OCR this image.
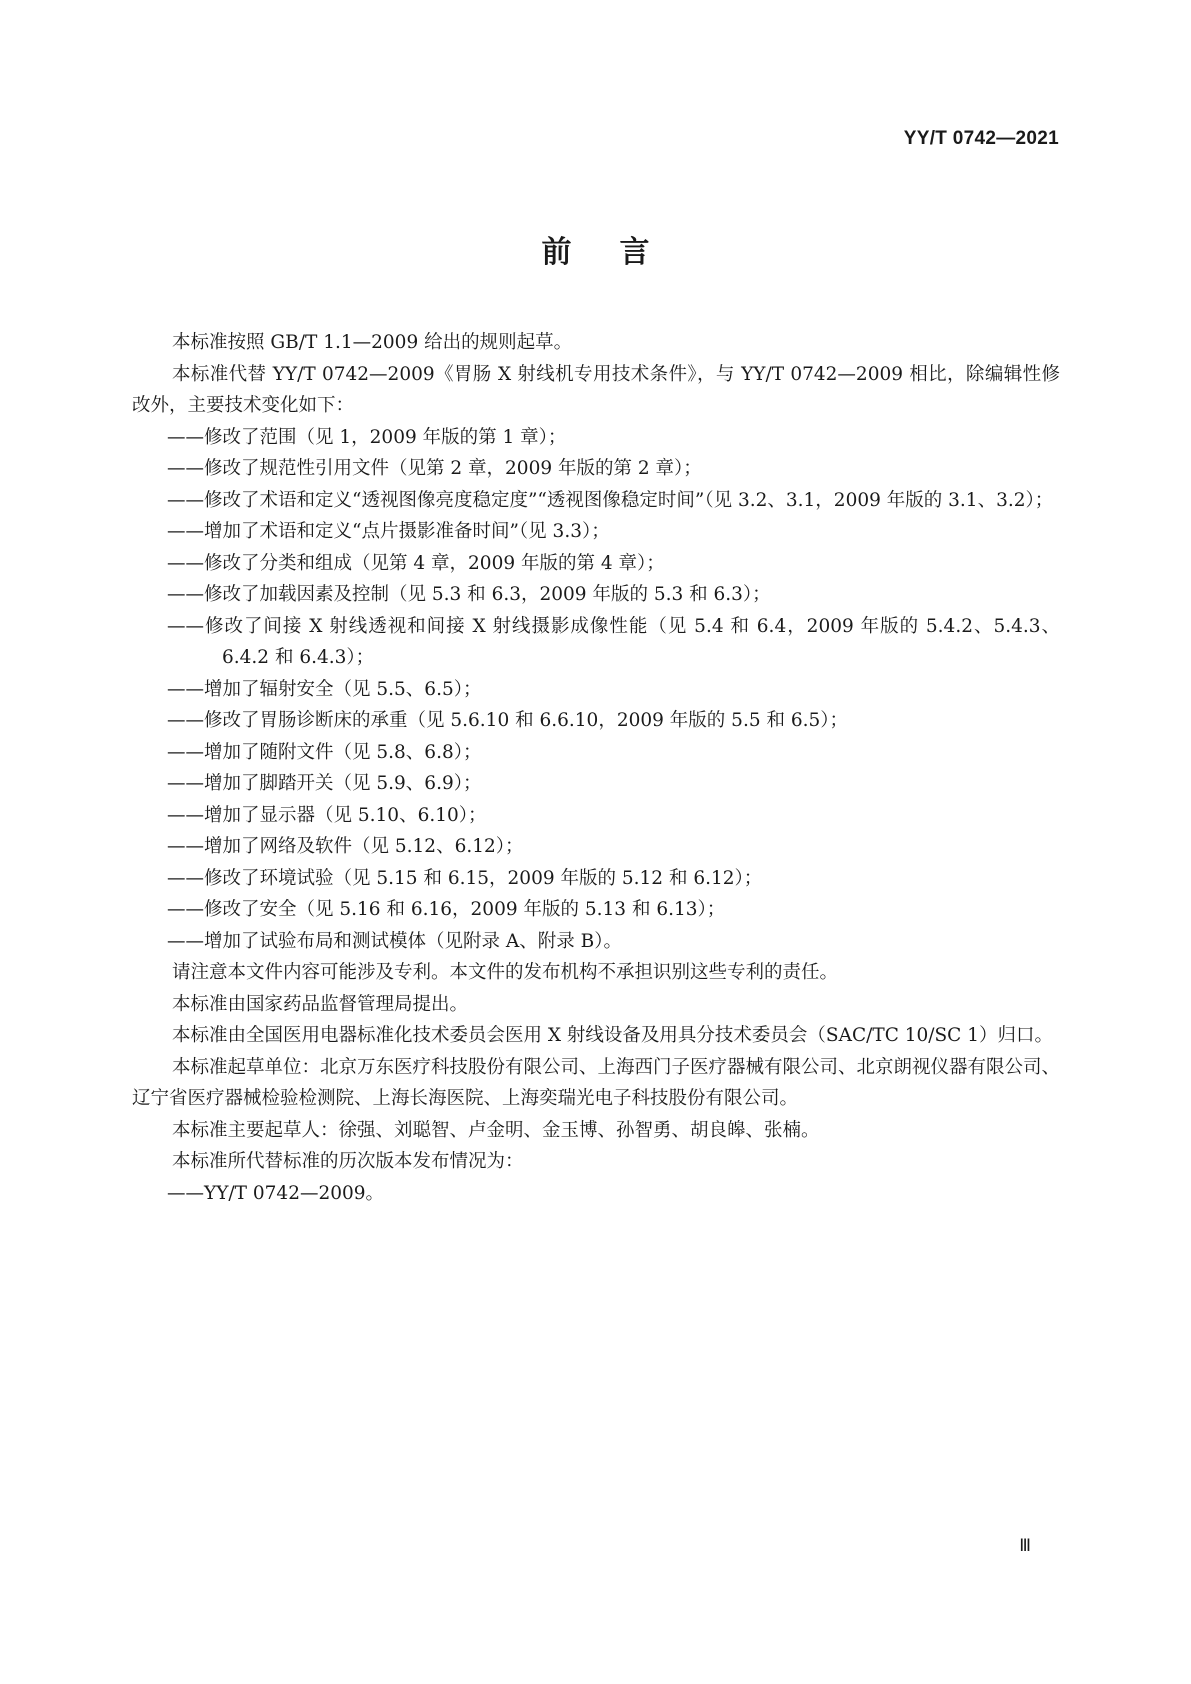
YY/T 0742—2021
前言

本标准按照 GB/T 1.1—2009 给出的规则起草。

本标准代替 YY/T 0742—2009《胃肠 X 射线机专用技术条件》，与 YY/T 0742—2009 相比，除编辑性修改外，主要技术变化如下：

——修改了范围（见 1，2009 年版的第 1 章）；

——修改了规范性引用文件（见第 2 章，2009 年版的第 2 章）；

——修改了术语和定义“透视图像亮度稳定度”“透视图像稳定时间”（见 3.2、3.1，2009 年版的 3.1、3.2）；

——增加了术语和定义“点片摄影准备时间”（见 3.3）；

——修改了分类和组成（见第 4 章，2009 年版的第 4 章）；

——修改了加载因素及控制（见 5.3 和 6.3，2009 年版的 5.3 和 6.3）；

——修改了间接 X 射线透视和间接 X 射线摄影成像性能（见 5.4 和 6.4，2009 年版的 5.4.2、5.4.3、6.4.2 和 6.4.3）；

——增加了辐射安全（见 5.5、6.5）；

——修改了胃肠诊断床的承重（见 5.6.10 和 6.6.10，2009 年版的 5.5 和 6.5）；

——增加了随附文件（见 5.8、6.8）；

——增加了脚踏开关（见 5.9、6.9）；

——增加了显示器（见 5.10、6.10）；

——增加了网络及软件（见 5.12、6.12）；

——修改了环境试验（见 5.15 和 6.15，2009 年版的 5.12 和 6.12）；

——修改了安全（见 5.16 和 6.16，2009 年版的 5.13 和 6.13）；

——增加了试验布局和测试模体（见附录 A、附录 B）。

请注意本文件内容可能涉及专利。本文件的发布机构不承担识别这些专利的责任。

本标准由国家药品监督管理局提出。

本标准由全国医用电器标准化技术委员会医用 X 射线设备及用具分技术委员会（SAC/TC 10/SC 1）归口。

本标准起草单位：北京万东医疗科技股份有限公司、上海西门子医疗器械有限公司、北京朗视仪器有限公司、辽宁省医疗器械检验检测院、上海长海医院、上海奕瑞光电子科技股份有限公司。

本标准主要起草人：徐强、刘聪智、卢金明、金玉博、孙智勇、胡良皞、张楠。

本标准所代替标准的历次版本发布情况为：

——YY/T 0742—2009。

Ⅲ
